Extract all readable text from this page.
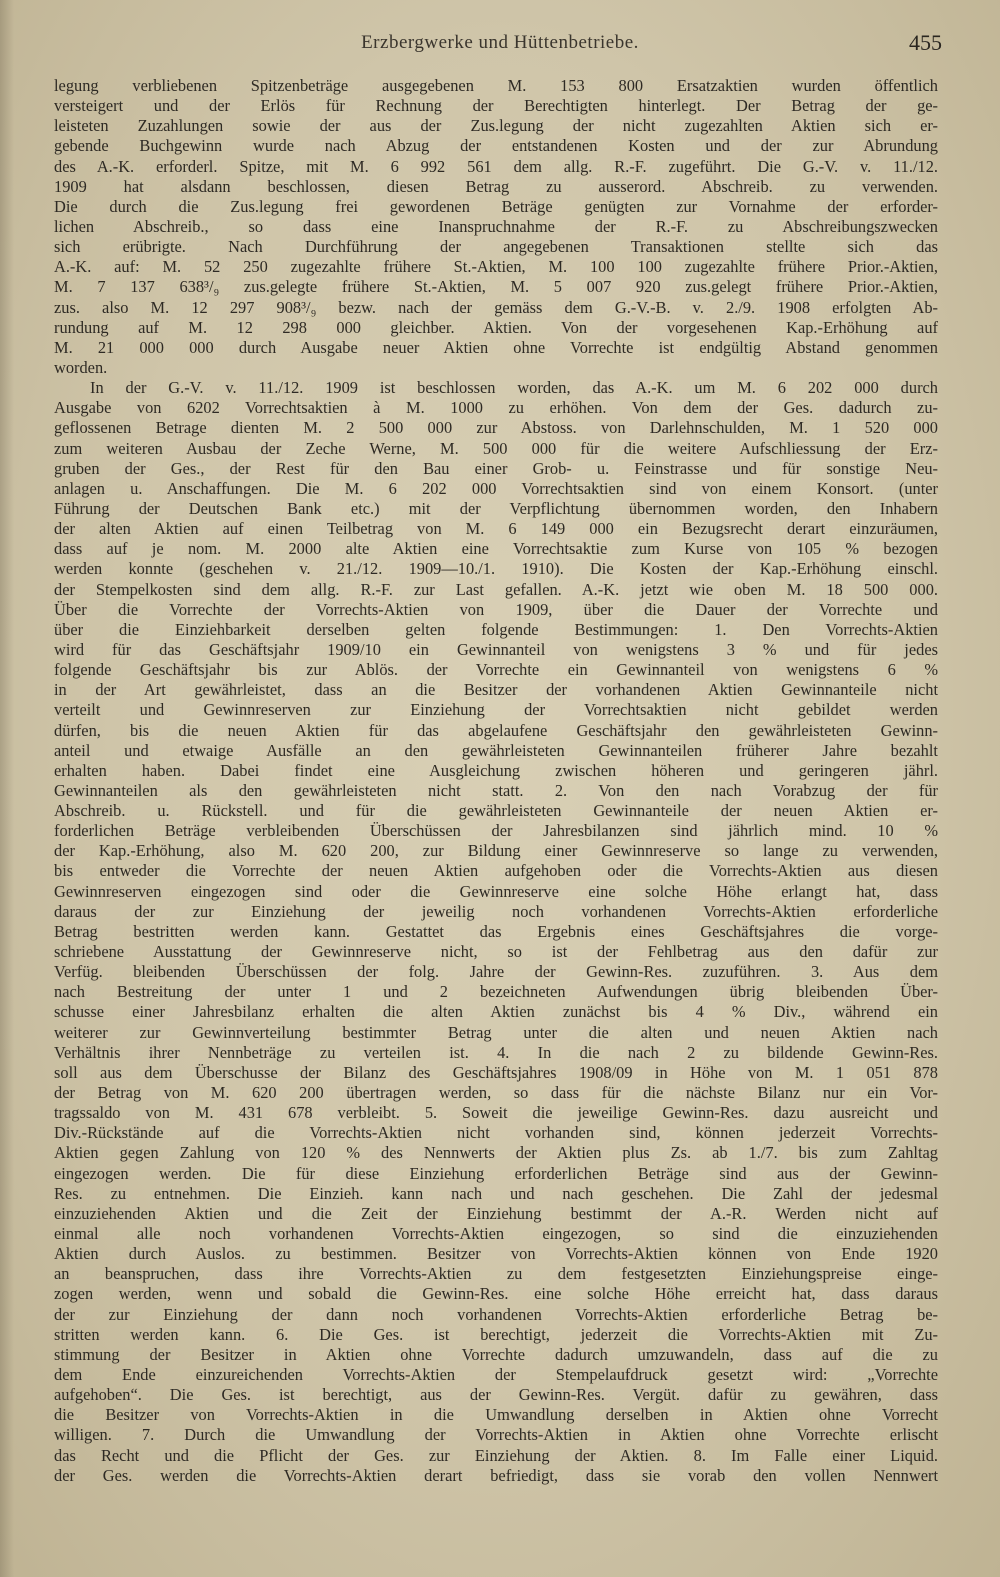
Erzbergwerke und Hüttenbetriebe.	455
legung verbliebenen Spitzenbeträge ausgegebenen M. 153 800 Ersatzaktien wurden öffentlich
versteigert und der Erlös für Rechnung der Berechtigten hinterlegt. Der Betrag der ge-
leisteten Zuzahlungen sowie der aus der Zus.legung der nicht zugezahlten Aktien sich er-
gebende Buchgewinn wurde nach Abzug der entstandenen Kosten und der zur Abrundung
des A.-K. erforderl. Spitze, mit M. 6 992 561 dem allg. R.-F. zugeführt. Die G.-V. v. 11./12.
1909 hat alsdann beschlossen, diesen Betrag zu ausserord. Abschreib. zu verwenden.
Die durch die Zus.legung frei gewordenen Beträge genügten zur Vornahme der erforder-
lichen Abschreib., so dass eine Inanspruchnahme der R.-F. zu Abschreibungszwecken
sich erübrigte. Nach Durchführung der angegebenen Transaktionen stellte sich das
A.-K. auf: M. 52 250 zugezahlte frühere St.-Aktien, M. 100 100 zugezahlte frühere Prior.-Aktien,
M. 7 137 638³/₉ zus.gelegte frühere St.-Aktien, M. 5 007 920 zus.gelegt frühere Prior.-Aktien,
zus. also M. 12 297 908³/₉ bezw. nach der gemäss dem G.-V.-B. v. 2./9. 1908 erfolgten Ab-
rundung auf M. 12 298 000 gleichber. Aktien. Von der vorgesehenen Kap.-Erhöhung auf
M. 21 000 000 durch Ausgabe neuer Aktien ohne Vorrechte ist endgültig Abstand genommen
worden.
In der G.-V. v. 11./12. 1909 ist beschlossen worden, das A.-K. um M. 6 202 000 durch
Ausgabe von 6202 Vorrechtsaktien à M. 1000 zu erhöhen. Von dem der Ges. dadurch zu-
geflossenen Betrage dienten M. 2 500 000 zur Abstoss. von Darlehnschulden, M. 1 520 000
zum weiteren Ausbau der Zeche Werne, M. 500 000 für die weitere Aufschliessung der Erz-
gruben der Ges., der Rest für den Bau einer Grob- u. Feinstrasse und für sonstige Neu-
anlagen u. Anschaffungen. Die M. 6 202 000 Vorrechtsaktien sind von einem Konsort. (unter
Führung der Deutschen Bank etc.) mit der Verpflichtung übernommen worden, den Inhabern
der alten Aktien auf einen Teilbetrag von M. 6 149 000 ein Bezugsrecht derart einzuräumen,
dass auf je nom. M. 2000 alte Aktien eine Vorrechtsaktie zum Kurse von 105 % bezogen
werden konnte (geschehen v. 21./12. 1909—10./1. 1910). Die Kosten der Kap.-Erhöhung einschl.
der Stempelkosten sind dem allg. R.-F. zur Last gefallen. A.-K. jetzt wie oben M. 18 500 000.
Über die Vorrechte der Vorrechts-Aktien von 1909, über die Dauer der Vorrechte und
über die Einziehbarkeit derselben gelten folgende Bestimmungen: 1. Den Vorrechts-Aktien
wird für das Geschäftsjahr 1909/10 ein Gewinnanteil von wenigstens 3 % und für jedes
folgende Geschäftsjahr bis zur Ablös. der Vorrechte ein Gewinnanteil von wenigstens 6 %
in der Art gewährleistet, dass an die Besitzer der vorhandenen Aktien Gewinnanteile nicht
verteilt und Gewinnreserven zur Einziehung der Vorrechtsaktien nicht gebildet werden
dürfen, bis die neuen Aktien für das abgelaufene Geschäftsjahr den gewährleisteten Gewinn-
anteil und etwaige Ausfälle an den gewährleisteten Gewinnanteilen früherer Jahre bezahlt
erhalten haben. Dabei findet eine Ausgleichung zwischen höheren und geringeren jährl.
Gewinnanteilen als den gewährleisteten nicht statt. 2. Von den nach Vorabzug der für
Abschreib. u. Rückstell. und für die gewährleisteten Gewinnanteile der neuen Aktien er-
forderlichen Beträge verbleibenden Überschüssen der Jahresbilanzen sind jährlich mind. 10 %
der Kap.-Erhöhung, also M. 620 200, zur Bildung einer Gewinnreserve so lange zu verwenden,
bis entweder die Vorrechte der neuen Aktien aufgehoben oder die Vorrechts-Aktien aus diesen
Gewinnreserven eingezogen sind oder die Gewinnreserve eine solche Höhe erlangt hat, dass
daraus der zur Einziehung der jeweilig noch vorhandenen Vorrechts-Aktien erforderliche
Betrag bestritten werden kann. Gestattet das Ergebnis eines Geschäftsjahres die vorge-
schriebene Ausstattung der Gewinnreserve nicht, so ist der Fehlbetrag aus den dafür zur
Verfüg. bleibenden Überschüssen der folg. Jahre der Gewinn-Res. zuzuführen. 3. Aus dem
nach Bestreitung der unter 1 und 2 bezeichneten Aufwendungen übrig bleibenden Über-
schusse einer Jahresbilanz erhalten die alten Aktien zunächst bis 4 % Div., während ein
weiterer zur Gewinnverteilung bestimmter Betrag unter die alten und neuen Aktien nach
Verhältnis ihrer Nennbeträge zu verteilen ist. 4. In die nach 2 zu bildende Gewinn-Res.
soll aus dem Überschusse der Bilanz des Geschäftsjahres 1908/09 in Höhe von M. 1 051 878
der Betrag von M. 620 200 übertragen werden, so dass für die nächste Bilanz nur ein Vor-
tragssaldo von M. 431 678 verbleibt. 5. Soweit die jeweilige Gewinn-Res. dazu ausreicht und
Div.-Rückstände auf die Vorrechts-Aktien nicht vorhanden sind, können jederzeit Vorrechts-
Aktien gegen Zahlung von 120 % des Nennwerts der Aktien plus Zs. ab 1./7. bis zum Zahltag
eingezogen werden. Die für diese Einziehung erforderlichen Beträge sind aus der Gewinn-
Res. zu entnehmen. Die Einzieh. kann nach und nach geschehen. Die Zahl der jedesmal
einzuziehenden Aktien und die Zeit der Einziehung bestimmt der A.-R. Werden nicht auf
einmal alle noch vorhandenen Vorrechts-Aktien eingezogen, so sind die einzuziehenden
Aktien durch Auslos. zu bestimmen. Besitzer von Vorrechts-Aktien können von Ende 1920
an beanspruchen, dass ihre Vorrechts-Aktien zu dem festgesetzten Einziehungspreise einge-
zogen werden, wenn und sobald die Gewinn-Res. eine solche Höhe erreicht hat, dass daraus
der zur Einziehung der dann noch vorhandenen Vorrechts-Aktien erforderliche Betrag be-
stritten werden kann. 6. Die Ges. ist berechtigt, jederzeit die Vorrechts-Aktien mit Zu-
stimmung der Besitzer in Aktien ohne Vorrechte dadurch umzuwandeln, dass auf die zu
dem Ende einzureichenden Vorrechts-Aktien der Stempelaufdruck gesetzt wird: „Vorrechte
aufgehoben“. Die Ges. ist berechtigt, aus der Gewinn-Res. Vergüt. dafür zu gewähren, dass
die Besitzer von Vorrechts-Aktien in die Umwandlung derselben in Aktien ohne Vorrecht
willigen. 7. Durch die Umwandlung der Vorrechts-Aktien in Aktien ohne Vorrechte erlischt
das Recht und die Pflicht der Ges. zur Einziehung der Aktien. 8. Im Falle einer Liquid.
der Ges. werden die Vorrechts-Aktien derart befriedigt, dass sie vorab den vollen Nennwert
